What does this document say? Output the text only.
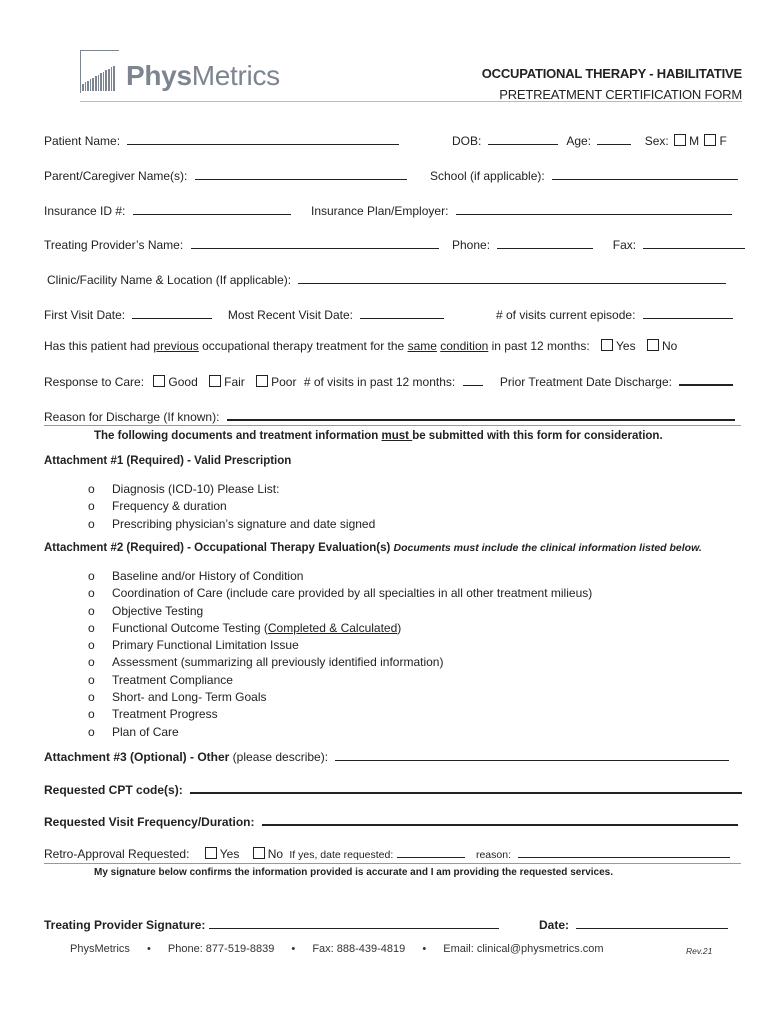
PhysMetrics	OCCUPATIONAL THERAPY - HABILITATIVE
PRETREATMENT CERTIFICATION FORM
Patient Name:	DOB:	Age:	Sex: M F
Parent/Caregiver Name(s):	School (if applicable):
Insurance ID #:	Insurance Plan/Employer:
Treating Provider’s Name:	Phone:	Fax:
Clinic/Facility Name & Location (If applicable):
First Visit Date:	Most Recent Visit Date:	# of visits current episode:
Has this patient had previous occupational therapy treatment for the same condition in past 12 months: Yes No
Response to Care: Good Fair Poor # of visits in past 12 months:	Prior Treatment Date Discharge:
Reason for Discharge (If known):
The following documents and treatment information must be submitted with this form for consideration.
Attachment #1 (Required) - Valid Prescription
o Diagnosis (ICD-10) Please List:
o Frequency & duration
o Prescribing physician’s signature and date signed
Attachment #2 (Required) - Occupational Therapy Evaluation(s) Documents must include the clinical information listed below.
o Baseline and/or History of Condition
o Coordination of Care (include care provided by all specialties in all other treatment milieus)
o Objective Testing
o Functional Outcome Testing (Completed & Calculated)
o Primary Functional Limitation Issue
o Assessment (summarizing all previously identified information)
o Treatment Compliance
o Short- and Long- Term Goals
o Treatment Progress
o Plan of Care
Attachment #3 (Optional) - Other (please describe):
Requested CPT code(s):
Requested Visit Frequency/Duration:
Retro-Approval Requested:	Yes No If yes, date requested:	reason:
My signature below confirms the information provided is accurate and I am providing the requested services.
Treating Provider Signature:	Date:
PhysMetrics • Phone: 877-519-8839 • Fax: 888-439-4819 • Email: clinical@physmetrics.com	Rev.21
